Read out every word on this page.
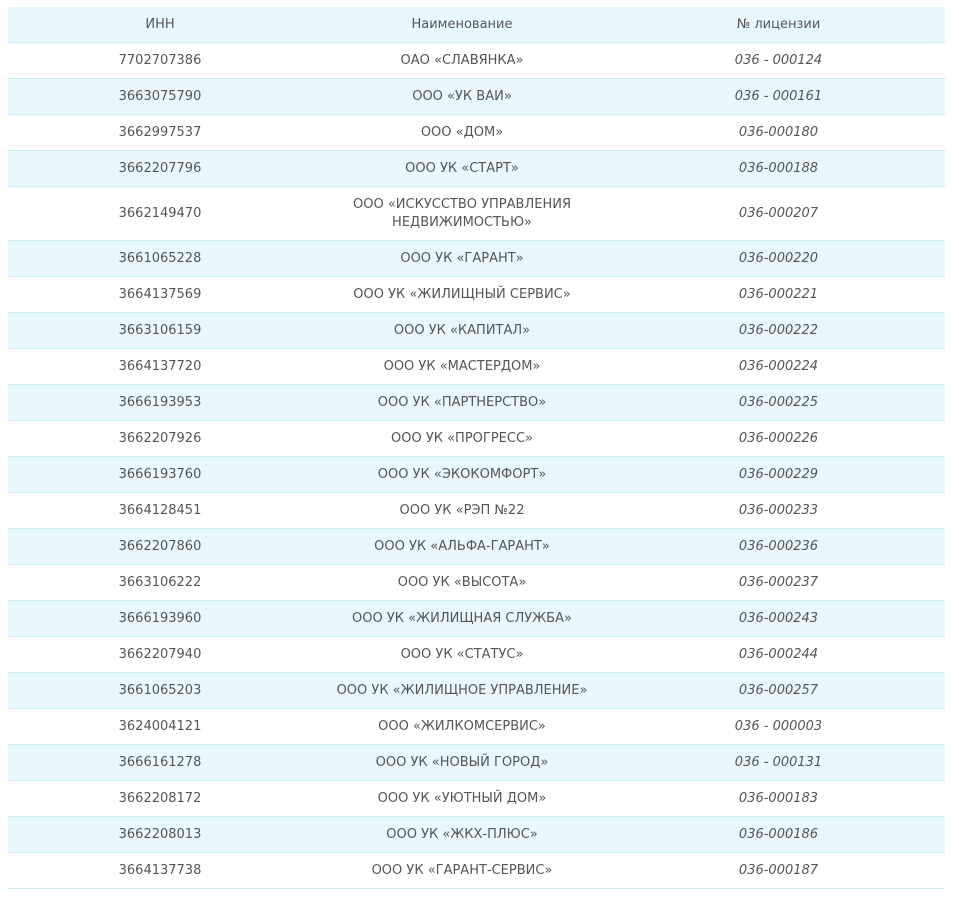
ИНН	Наименование	№ лицензии
7702707386	ОАО «СЛАВЯНКА»	036 - 000124
3663075790	ООО «УК ВАИ»	036 - 000161
3662997537	ООО «ДОМ»	036-000180
3662207796	ООО УК «СТАРТ»	036-000188
3662149470	ООО «ИСКУССТВО УПРАВЛЕНИЯ НЕДВИЖИМОСТЬЮ»	036-000207
3661065228	ООО УК «ГАРАНТ»	036-000220
3664137569	ООО УК «ЖИЛИЩНЫЙ СЕРВИС»	036-000221
3663106159	ООО УК «КАПИТАЛ»	036-000222
3664137720	ООО УК «МАСТЕРДОМ»	036-000224
3666193953	ООО УК «ПАРТНЕРСТВО»	036-000225
3662207926	ООО УК «ПРОГРЕСС»	036-000226
3666193760	ООО УК «ЭКОКОМФОРТ»	036-000229
3664128451	ООО УК «РЭП №22	036-000233
3662207860	ООО УК «АЛЬФА-ГАРАНТ»	036-000236
3663106222	ООО УК «ВЫСОТА»	036-000237
3666193960	ООО УК «ЖИЛИЩНАЯ СЛУЖБА»	036-000243
3662207940	ООО УК «СТАТУС»	036-000244
3661065203	ООО УК «ЖИЛИЩНОЕ УПРАВЛЕНИЕ»	036-000257
3624004121	ООО «ЖИЛКОМСЕРВИС»	036 - 000003
3666161278	ООО УК «НОВЫЙ ГОРОД»	036 - 000131
3662208172	ООО УК «УЮТНЫЙ ДОМ»	036-000183
3662208013	ООО УК «ЖКХ-ПЛЮС»	036-000186
3664137738	ООО УК «ГАРАНТ-СЕРВИС»	036-000187
